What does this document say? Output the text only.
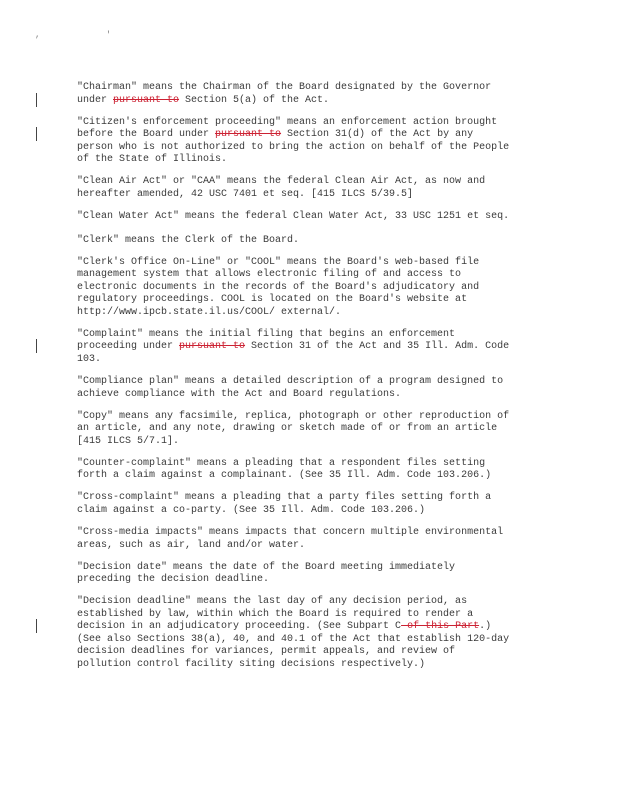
, '
"Chairman" means the Chairman of the Board designated by the Governor
under pursuant to Section 5(a) of the Act.
"Citizen's enforcement proceeding" means an enforcement action brought
before the Board under pursuant to Section 31(d) of the Act by any
person who is not authorized to bring the action on behalf of the People
of the State of Illinois.
"Clean Air Act" or "CAA" means the federal Clean Air Act, as now and
hereafter amended, 42 USC 7401 et seq. [415 ILCS 5/39.5]
"Clean Water Act" means the federal Clean Water Act, 33 USC 1251 et seq.
"Clerk" means the Clerk of the Board.
"Clerk's Office On-Line" or "COOL" means the Board's web-based file
management system that allows electronic filing of and access to
electronic documents in the records of the Board's adjudicatory and
regulatory proceedings. COOL is located on the Board's website at
http://www.ipcb.state.il.us/COOL/ external/.
"Complaint" means the initial filing that begins an enforcement
proceeding under pursuant to Section 31 of the Act and 35 Ill. Adm. Code
103.
"Compliance plan" means a detailed description of a program designed to
achieve compliance with the Act and Board regulations.
"Copy" means any facsimile, replica, photograph or other reproduction of
an article, and any note, drawing or sketch made of or from an article
[415 ILCS 5/7.1].
"Counter-complaint" means a pleading that a respondent files setting
forth a claim against a complainant. (See 35 Ill. Adm. Code 103.206.)
"Cross-complaint" means a pleading that a party files setting forth a
claim against a co-party. (See 35 Ill. Adm. Code 103.206.)
"Cross-media impacts" means impacts that concern multiple environmental
areas, such as air, land and/or water.
"Decision date" means the date of the Board meeting immediately
preceding the decision deadline.
"Decision deadline" means the last day of any decision period, as
established by law, within which the Board is required to render a
decision in an adjudicatory proceeding. (See Subpart C of this Part.)
(See also Sections 38(a), 40, and 40.1 of the Act that establish 120-day
decision deadlines for variances, permit appeals, and review of
pollution control facility siting decisions respectively.)
